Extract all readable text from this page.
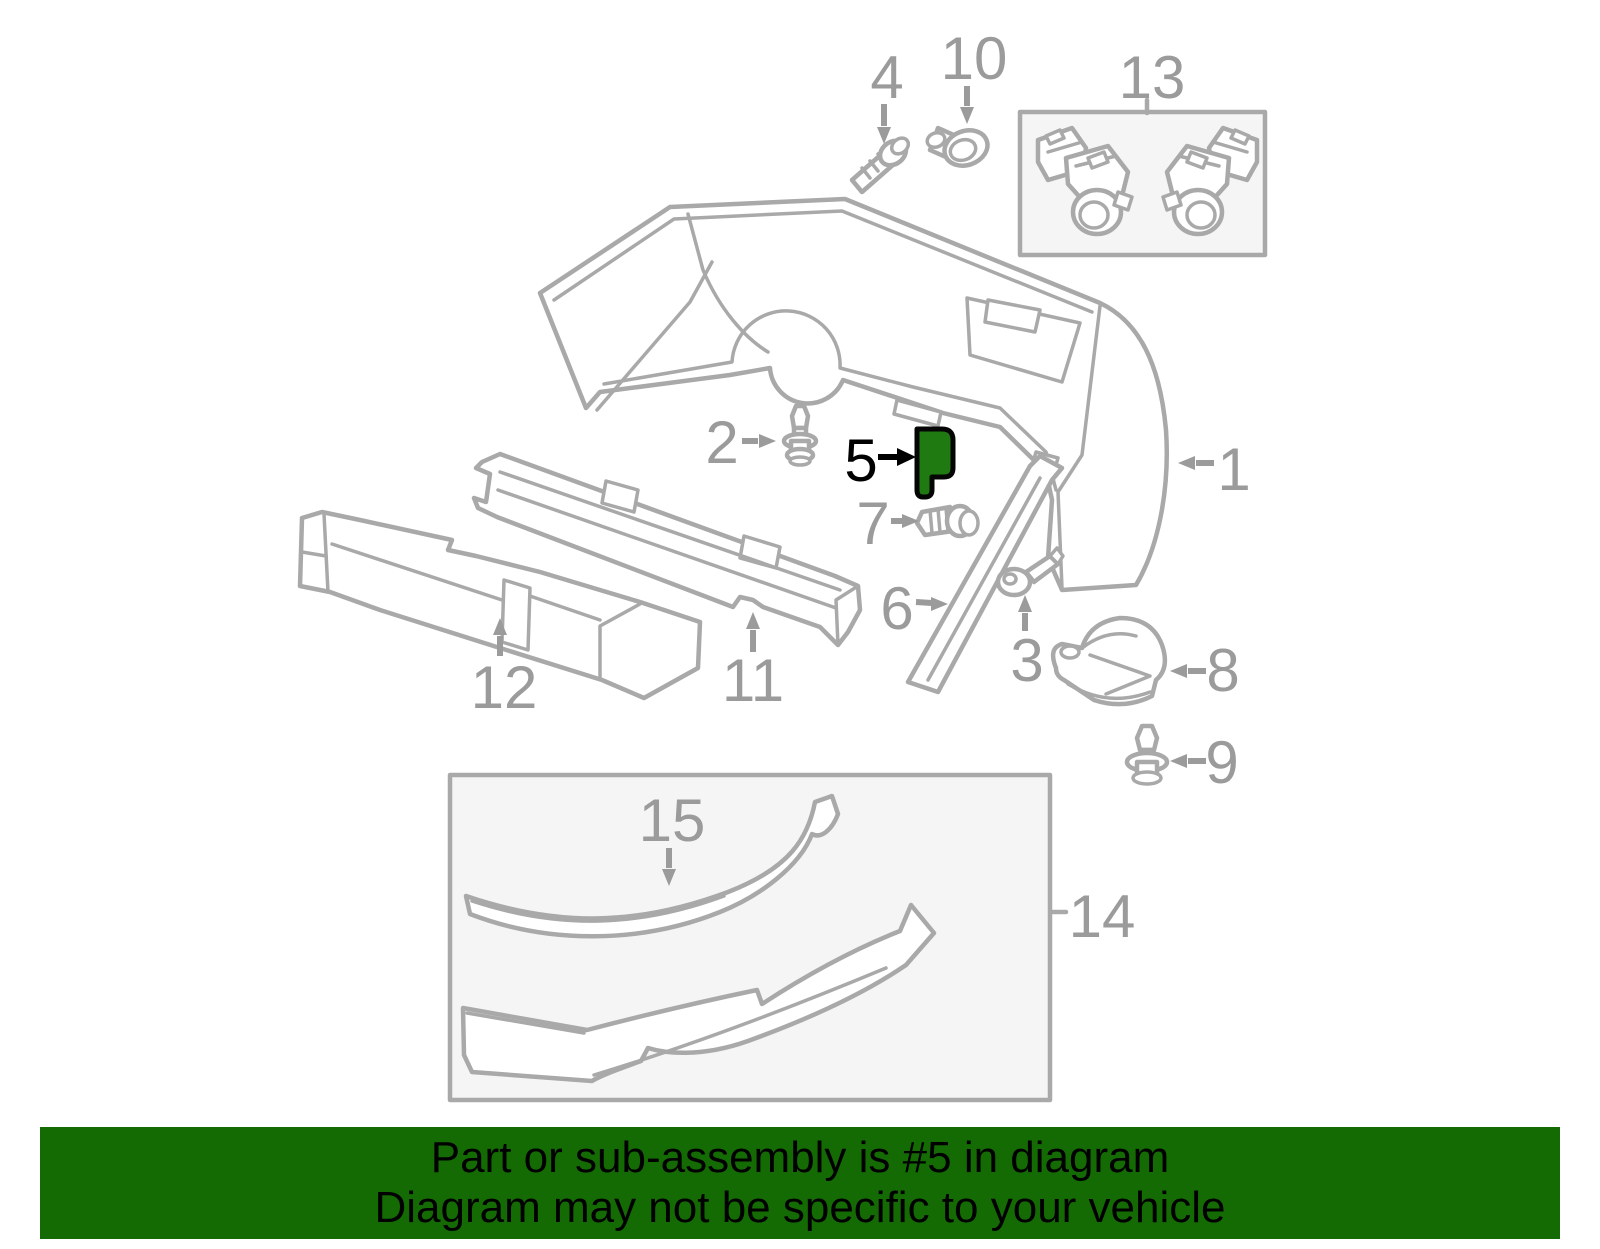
1
2
3
4
6
7
8
9
10
11
12
13
14
15
5
Part or sub-assembly is #5 in diagram
Diagram may not be specific to your vehicle
